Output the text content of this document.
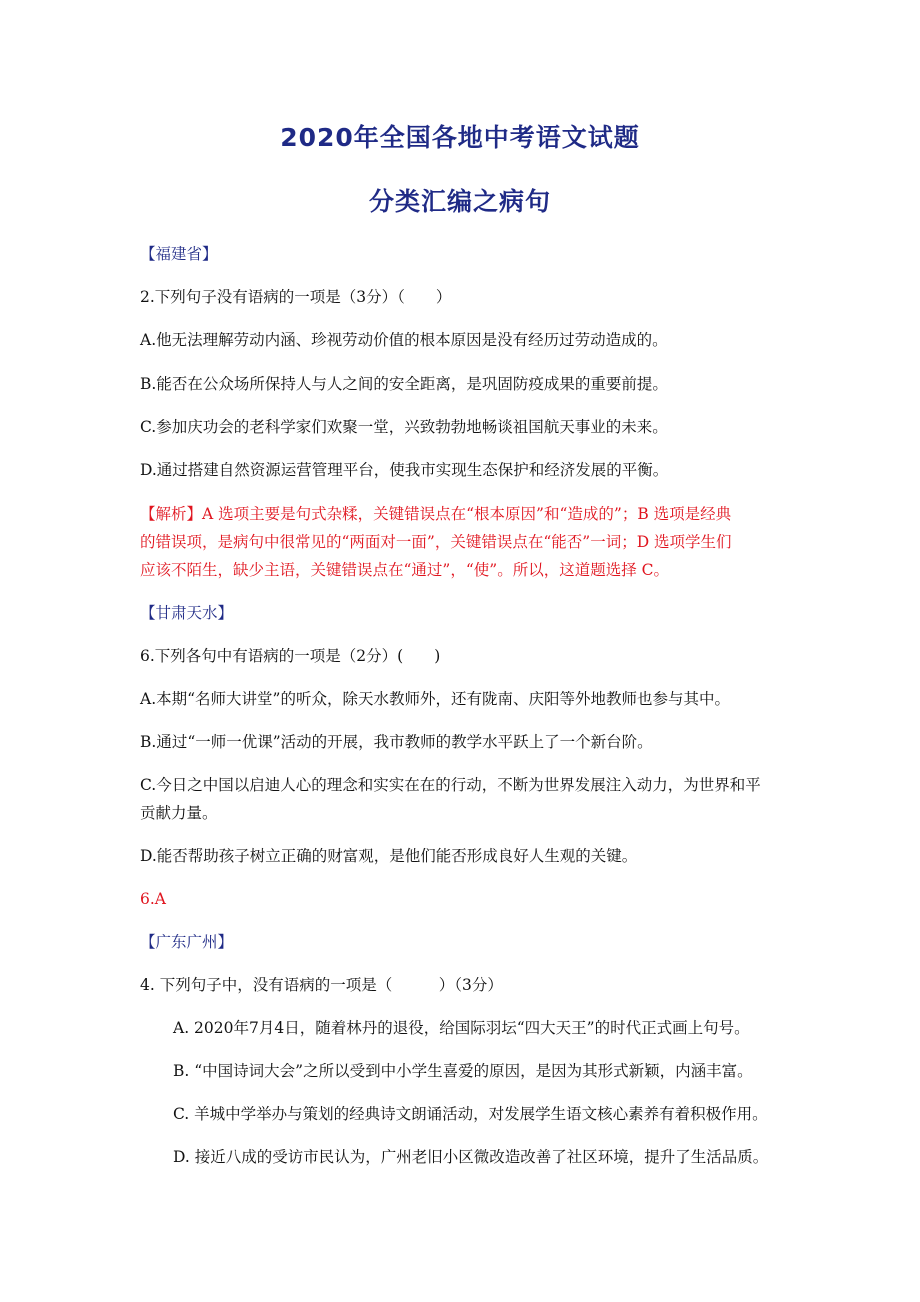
2020年全国各地中考语文试题
分类汇编之病句
【福建省】
2.下列句子没有语病的一项是（3分）（　　）
A.他无法理解劳动内涵、珍视劳动价值的根本原因是没有经历过劳动造成的。
B.能否在公众场所保持人与人之间的安全距离，是巩固防疫成果的重要前提。
C.参加庆功会的老科学家们欢聚一堂，兴致勃勃地畅谈祖国航天事业的未来。
D.通过搭建自然资源运营管理平台，使我市实现生态保护和经济发展的平衡。
【解析】A 选项主要是句式杂糅，关键错误点在“根本原因”和“造成的”；B 选项是经典
的错误项，是病句中很常见的“两面对一面”，关键错误点在“能否”一词；D 选项学生们
应该不陌生，缺少主语，关键错误点在“通过”，“使”。所以，这道题选择 C。
【甘肃天水】
6.下列各句中有语病的一项是（2分）(　　)
A.本期“名师大讲堂”的听众，除天水教师外，还有陇南、庆阳等外地教师也参与其中。
B.通过“一师一优课”活动的开展，我市教师的教学水平跃上了一个新台阶。
C.今日之中国以启迪人心的理念和实实在在的行动，不断为世界发展注入动力，为世界和平
贡献力量。
D.能否帮助孩子树立正确的财富观，是他们能否形成良好人生观的关键。
6.A
【广东广州】
4. 下列句子中，没有语病的一项是（　　　）（3分）
A. 2020年7月4日，随着林丹的退役，给国际羽坛“四大天王”的时代正式画上句号。
B. “中国诗词大会”之所以受到中小学生喜爱的原因，是因为其形式新颖，内涵丰富。
C. 羊城中学举办与策划的经典诗文朗诵活动，对发展学生语文核心素养有着积极作用。
D. 接近八成的受访市民认为，广州老旧小区微改造改善了社区环境，提升了生活品质。
